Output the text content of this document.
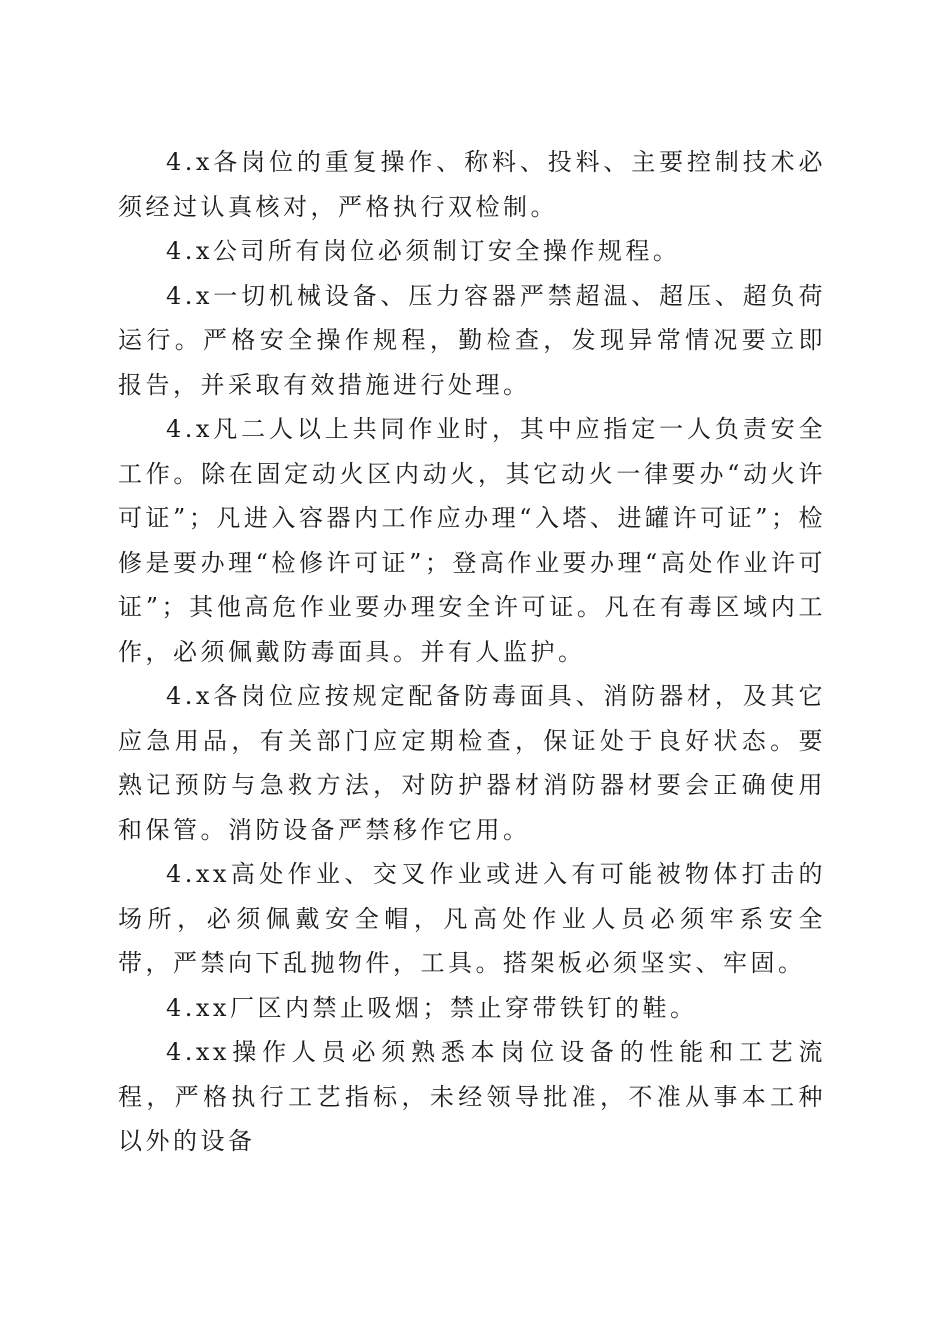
4.x各岗位的重复操作、称料、投料、主要控制技术必须经过认真核对，严格执行双检制。

4.x公司所有岗位必须制订安全操作规程。

4.x一切机械设备、压力容器严禁超温、超压、超负荷运行。严格安全操作规程，勤检查，发现异常情况要立即报告，并采取有效措施进行处理。

4.x凡二人以上共同作业时，其中应指定一人负责安全工作。除在固定动火区内动火，其它动火一律要办“动火许可证”；凡进入容器内工作应办理“入塔、进罐许可证”；检修是要办理“检修许可证”；登高作业要办理“高处作业许可证”；其他高危作业要办理安全许可证。凡在有毒区域内工作，必须佩戴防毒面具。并有人监护。

4.x各岗位应按规定配备防毒面具、消防器材，及其它应急用品，有关部门应定期检查，保证处于良好状态。要熟记预防与急救方法，对防护器材消防器材要会正确使用和保管。消防设备严禁移作它用。

4.xx高处作业、交叉作业或进入有可能被物体打击的场所，必须佩戴安全帽，凡高处作业人员必须牢系安全带，严禁向下乱抛物件，工具。搭架板必须坚实、牢固。

4.xx厂区内禁止吸烟；禁止穿带铁钉的鞋。

4.xx操作人员必须熟悉本岗位设备的性能和工艺流程，严格执行工艺指标，未经领导批准，不准从事本工种以外的设备
